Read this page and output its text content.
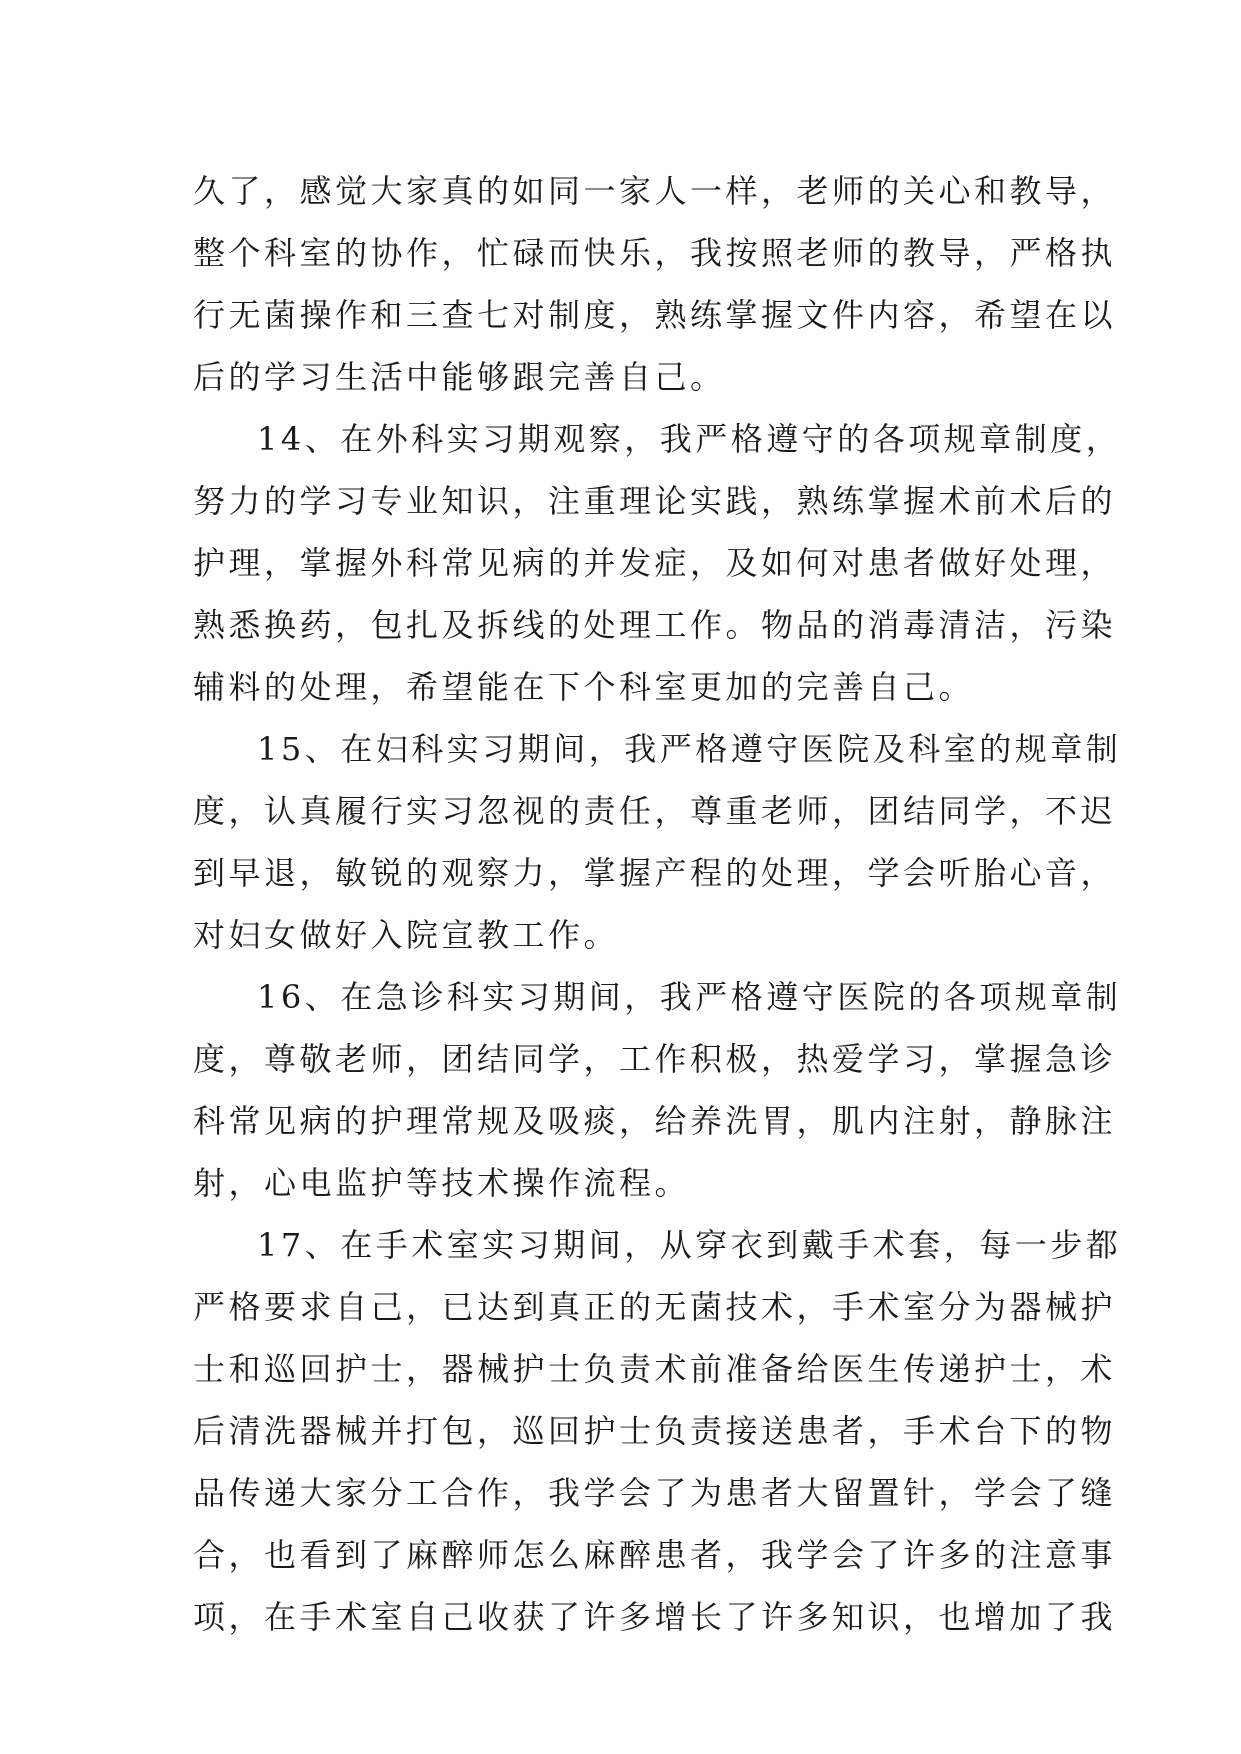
久了，感觉大家真的如同一家人一样，老师的关心和教导，
整个科室的协作，忙碌而快乐，我按照老师的教导，严格执
行无菌操作和三查七对制度，熟练掌握文件内容，希望在以
后的学习生活中能够跟完善自己。
14、在外科实习期观察，我严格遵守的各项规章制度，
努力的学习专业知识，注重理论实践，熟练掌握术前术后的
护理，掌握外科常见病的并发症，及如何对患者做好处理，
熟悉换药，包扎及拆线的处理工作。物品的消毒清洁，污染
辅料的处理，希望能在下个科室更加的完善自己。
15、在妇科实习期间，我严格遵守医院及科室的规章制
度，认真履行实习忽视的责任，尊重老师，团结同学，不迟
到早退，敏锐的观察力，掌握产程的处理，学会听胎心音，
对妇女做好入院宣教工作。
16、在急诊科实习期间，我严格遵守医院的各项规章制
度，尊敬老师，团结同学，工作积极，热爱学习，掌握急诊
科常见病的护理常规及吸痰，给养洗胃，肌内注射，静脉注
射，心电监护等技术操作流程。
17、在手术室实习期间，从穿衣到戴手术套，每一步都
严格要求自己，已达到真正的无菌技术，手术室分为器械护
士和巡回护士，器械护士负责术前准备给医生传递护士，术
后清洗器械并打包，巡回护士负责接送患者，手术台下的物
品传递大家分工合作，我学会了为患者大留置针，学会了缝
合，也看到了麻醉师怎么麻醉患者，我学会了许多的注意事
项，在手术室自己收获了许多增长了许多知识，也增加了我
